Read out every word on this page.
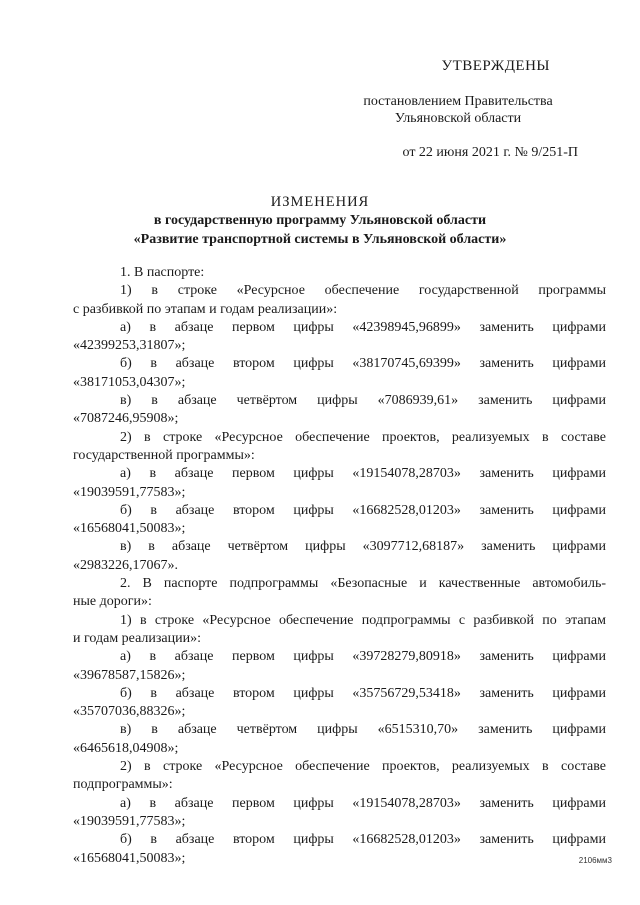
УТВЕРЖДЕНЫ
постановлением Правительства
Ульяновской области
от 22 июня 2021 г. № 9/251-П
ИЗМЕНЕНИЯ
в государственную программу Ульяновской области
«Развитие транспортной системы в Ульяновской области»

1. В паспорте:

1) в строке «Ресурсное обеспечение государственной программы

с разбивкой по этапам и годам реализации»:

а) в абзаце первом цифры «42398945,96899» заменить цифрами

«42399253,31807»;

б) в абзаце втором цифры «38170745,69399» заменить цифрами

«38171053,04307»;

в) в абзаце четвёртом цифры «7086939,61» заменить цифрами

«7087246,95908»;

2) в строке «Ресурсное обеспечение проектов, реализуемых в составе

государственной программы»:

а) в абзаце первом цифры «19154078,28703» заменить цифрами

«19039591,77583»;

б) в абзаце втором цифры «16682528,01203» заменить цифрами

«16568041,50083»;

в) в абзаце четвёртом цифры «3097712,68187» заменить цифрами

«2983226,17067».

2. В паспорте подпрограммы «Безопасные и качественные автомобиль-

ные дороги»:

1) в строке «Ресурсное обеспечение подпрограммы с разбивкой по этапам

и годам реализации»:

а) в абзаце первом цифры «39728279,80918» заменить цифрами

«39678587,15826»;

б) в абзаце втором цифры «35756729,53418» заменить цифрами

«35707036,88326»;

в) в абзаце четвёртом цифры «6515310,70» заменить цифрами

«6465618,04908»;

2) в строке «Ресурсное обеспечение проектов, реализуемых в составе

подпрограммы»:

а) в абзаце первом цифры «19154078,28703» заменить цифрами

«19039591,77583»;

б) в абзаце втором цифры «16682528,01203» заменить цифрами

«16568041,50083»;	2106мм3
